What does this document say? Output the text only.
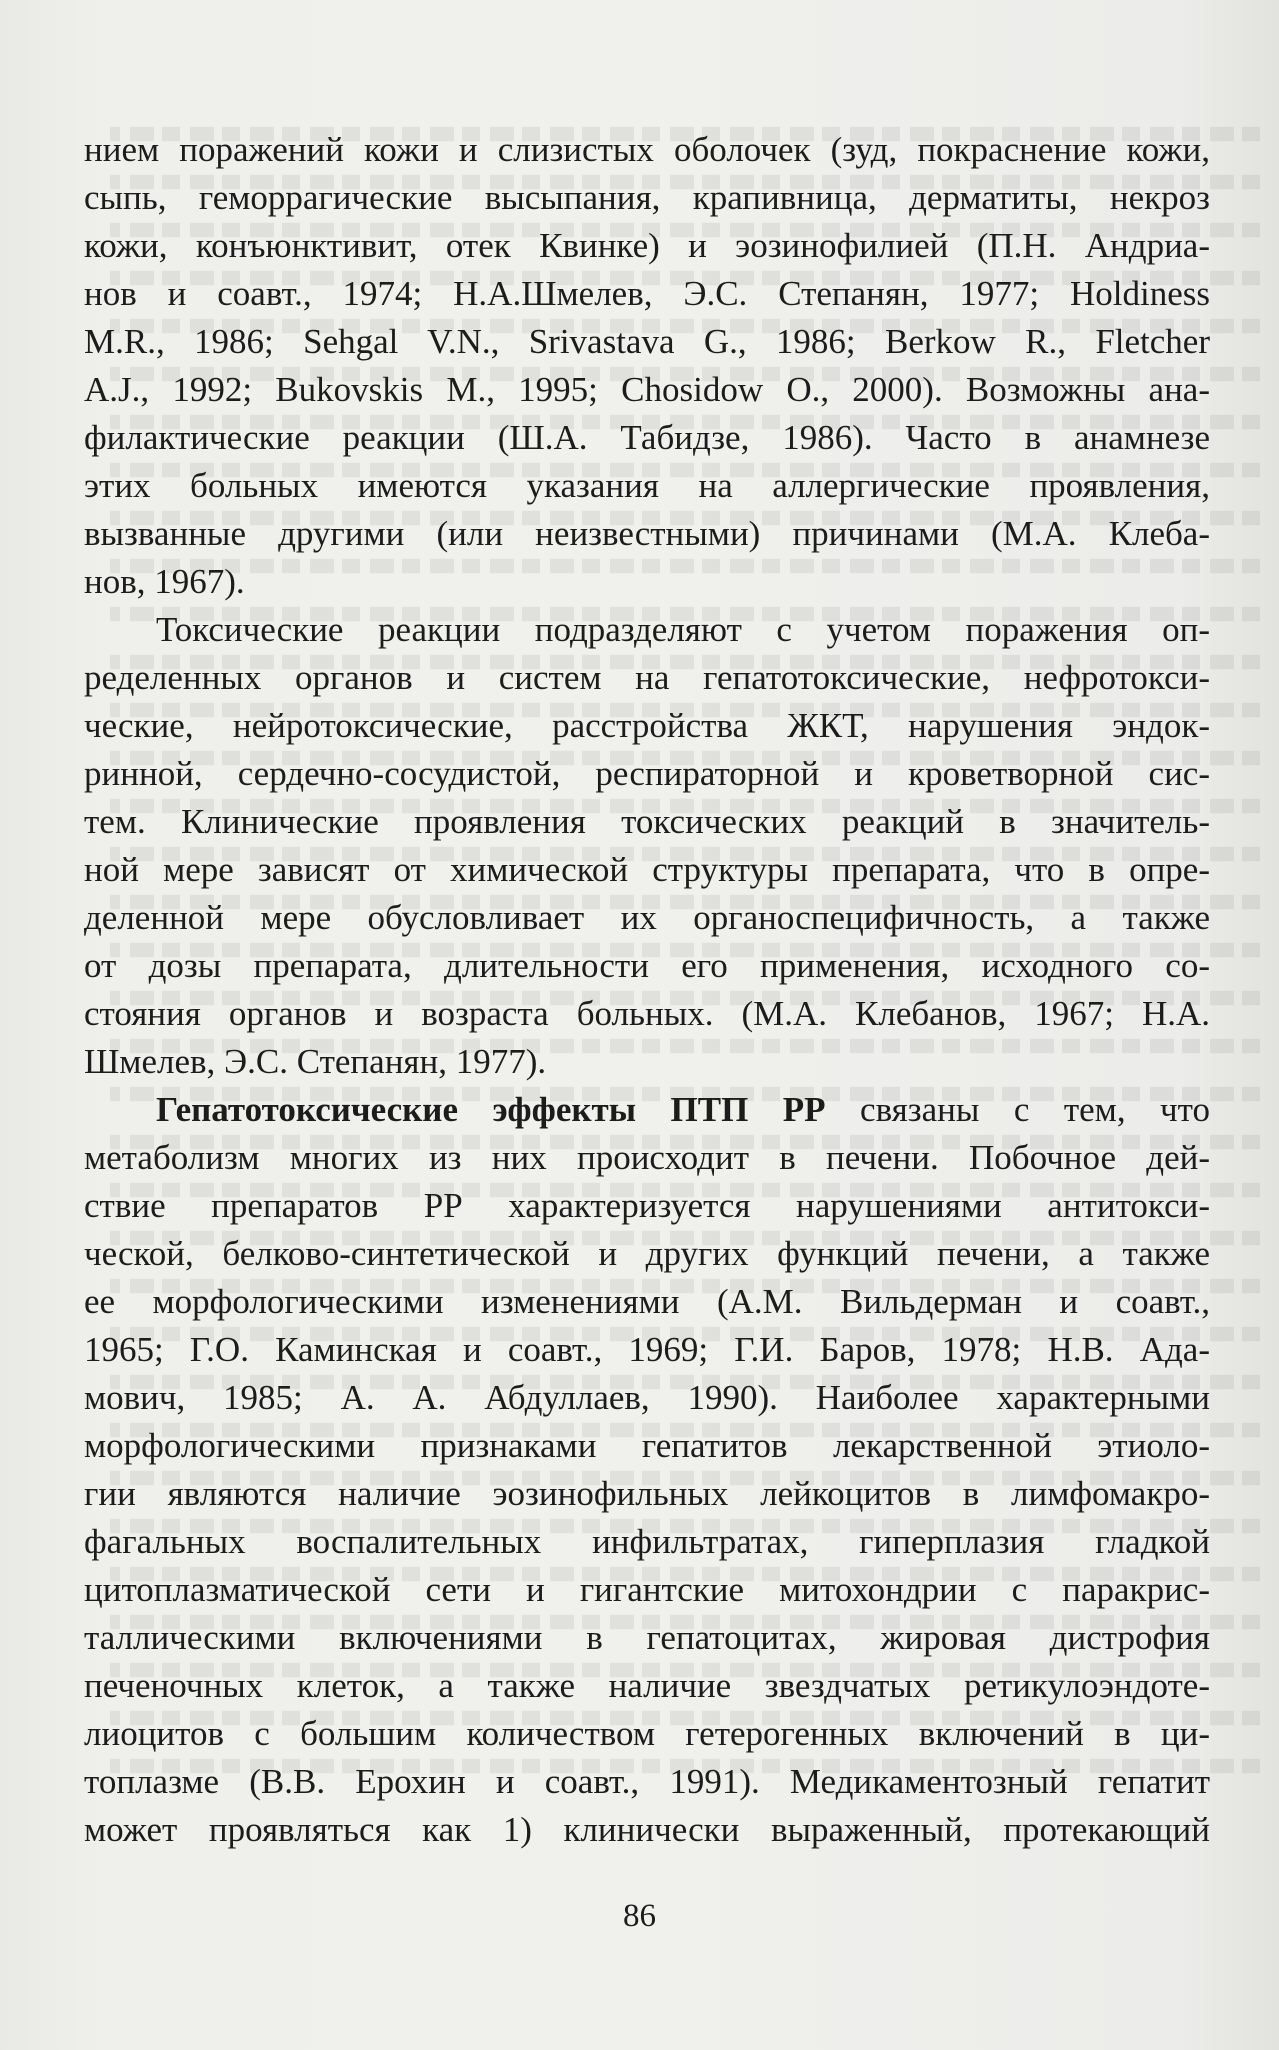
нием поражений кожи и слизистых оболочек (зуд, покраснение кожи,
сыпь, геморрагические высыпания, крапивница, дерматиты, некроз
кожи, конъюнктивит, отек Квинке) и эозинофилией (П.Н. Андриа-
нов и соавт., 1974; Н.А.Шмелев, Э.С. Степанян, 1977; Holdiness
M.R., 1986; Sehgal V.N., Srivastava G., 1986; Berkow R., Fletcher
A.J., 1992; Bukovskis M., 1995; Chosidow O., 2000). Возможны ана-
филактические реакции (Ш.А. Табидзе, 1986). Часто в анамнезе
этих больных имеются указания на аллергические проявления,
вызванные другими (или неизвестными) причинами (М.А. Клеба-
нов, 1967).
Токсические реакции подразделяют с учетом поражения оп-
ределенных органов и систем на гепатотоксические, нефротокси-
ческие, нейротоксические, расстройства ЖКТ, нарушения эндок-
ринной, сердечно-сосудистой, респираторной и кроветворной сис-
тем. Клинические проявления токсических реакций в значитель-
ной мере зависят от химической структуры препарата, что в опре-
деленной мере обусловливает их органоспецифичность, а также
от дозы препарата, длительности его применения, исходного со-
стояния органов и возраста больных. (М.А. Клебанов, 1967; Н.А.
Шмелев, Э.С. Степанян, 1977).
Гепатотоксические эффекты ПТП РР связаны с тем, что
метаболизм многих из них происходит в печени. Побочное дей-
ствие препаратов РР характеризуется нарушениями антитокси-
ческой, белково-синтетической и других функций печени, а также
ее морфологическими изменениями (А.М. Вильдерман и соавт.,
1965; Г.О. Каминская и соавт., 1969; Г.И. Баров, 1978; Н.В. Ада-
мович, 1985; А. А. Абдуллаев, 1990). Наиболее характерными
морфологическими признаками гепатитов лекарственной этиоло-
гии являются наличие эозинофильных лейкоцитов в лимфомакро-
фагальных воспалительных инфильтратах, гиперплазия гладкой
цитоплазматической сети и гигантские митохондрии с паракрис-
таллическими включениями в гепатоцитах, жировая дистрофия
печеночных клеток, а также наличие звездчатых ретикулоэндоте-
лиоцитов с большим количеством гетерогенных включений в ци-
топлазме (В.В. Ерохин и соавт., 1991). Медикаментозный гепатит
может проявляться как 1) клинически выраженный, протекающий
86
